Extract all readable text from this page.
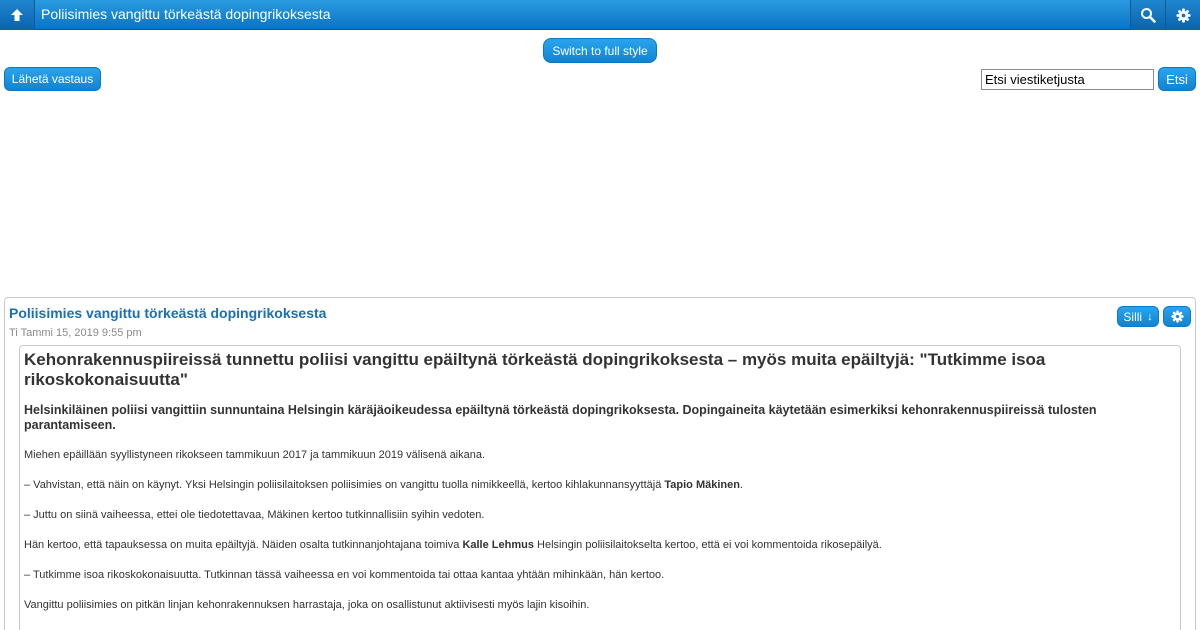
Poliisimies vangittu törkeästä dopingrikoksesta
Switch to full style
Lähetä vastaus
Etsi viestiketjusta	Etsi
Poliisimies vangittu törkeästä dopingrikoksesta
Ti Tammi 15, 2019 9:55 pm
Silli ↓
Kehonrakennuspiireissä tunnettu poliisi vangittu epäiltynä törkeästä dopingrikoksesta – myös muita epäiltyjä: "Tutkimme isoa rikoskokonaisuutta"
Helsinkiläinen poliisi vangittiin sunnuntaina Helsingin käräjäoikeudessa epäiltynä törkeästä dopingrikoksesta. Dopingaineita käytetään esimerkiksi kehonrakennuspiireissä tulosten parantamiseen.

Miehen epäillään syyllistyneen rikokseen tammikuun 2017 ja tammikuun 2019 välisenä aikana.

– Vahvistan, että näin on käynyt. Yksi Helsingin poliisilaitoksen poliisimies on vangittu tuolla nimikkeellä, kertoo kihlakunnansyyttäjä Tapio Mäkinen.

– Juttu on siinä vaiheessa, ettei ole tiedotettavaa, Mäkinen kertoo tutkinnallisiin syihin vedoten.

Hän kertoo, että tapauksessa on muita epäiltyjä. Näiden osalta tutkinnanjohtajana toimiva Kalle Lehmus Helsingin poliisilaitokselta kertoo, että ei voi kommentoida rikosepäilyä.

– Tutkimme isoa rikoskokonaisuutta. Tutkinnan tässä vaiheessa en voi kommentoida tai ottaa kantaa yhtään mihinkään, hän kertoo.

Vangittu poliisimies on pitkän linjan kehonrakennuksen harrastaja, joka on osallistunut aktiivisesti myös lajin kisoihin.
